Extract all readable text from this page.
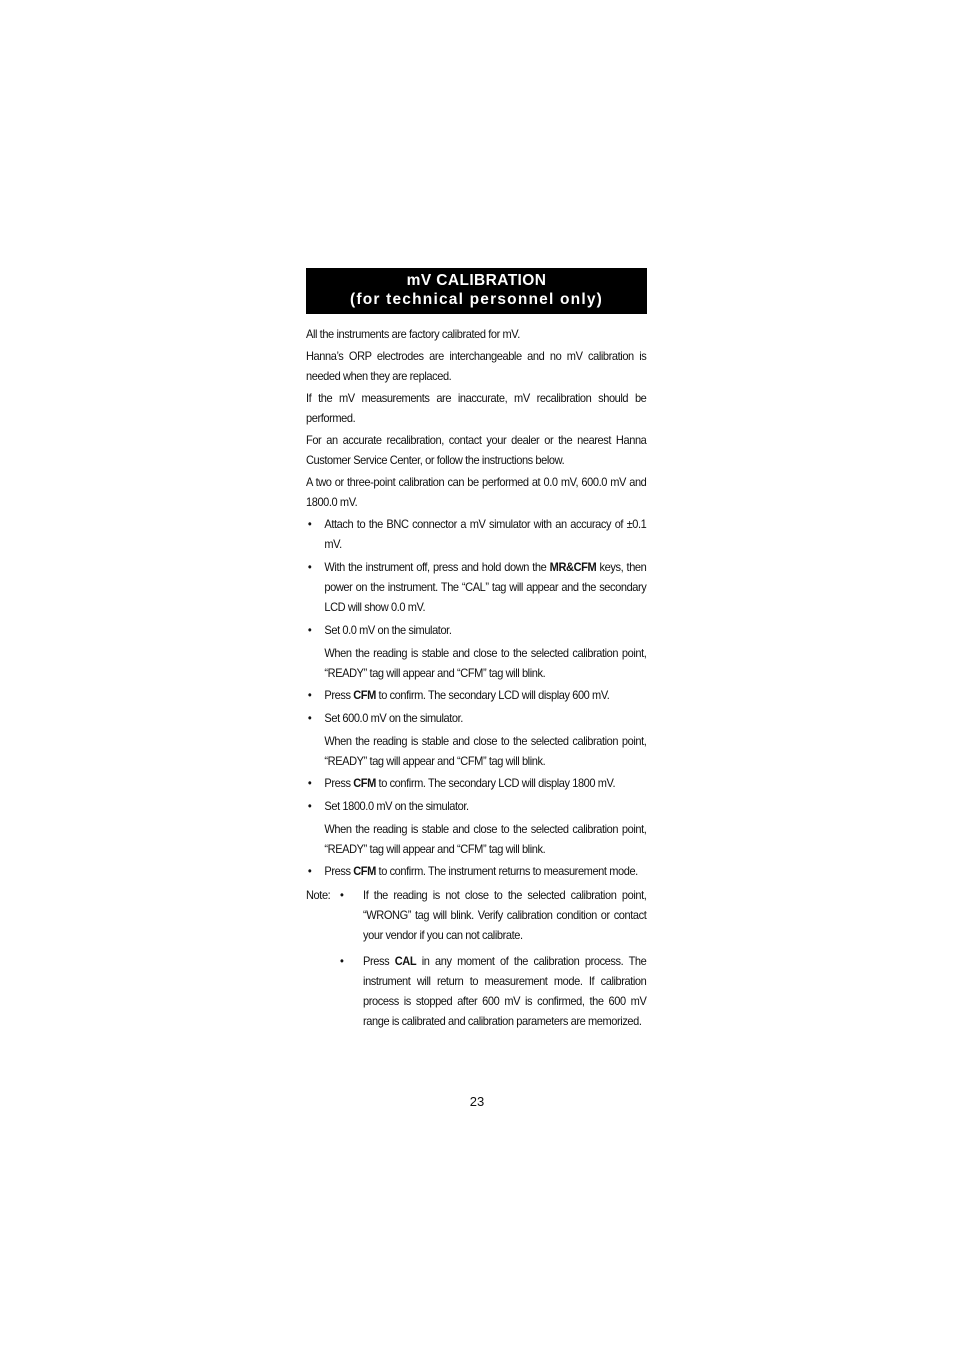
mV CALIBRATION
(for technical personnel only)

All the instruments are factory calibrated for mV.

Hanna’s ORP electrodes are interchangeable and no mV calibration is needed when they are replaced.

If the mV measurements are inaccurate, mV recalibration should be performed.

For an accurate recalibration, contact your dealer or the nearest Hanna Customer Service Center, or follow the instructions below.

A two or three-point calibration can be performed at 0.0 mV, 600.0 mV and 1800.0 mV.

• Attach to the BNC connector a mV simulator with an accuracy of ±0.1 mV.
• With the instrument off, press and hold down the MR&CFM keys, then power on the instrument. The “CAL” tag will appear and the secondary LCD will show 0.0 mV.
• Set 0.0 mV on the simulator.

When the reading is stable and close to the selected calibration point, “READY” tag will appear and “CFM” tag will blink.

• Press CFM to confirm. The secondary LCD will display 600 mV.
• Set 600.0 mV on the simulator.

When the reading is stable and close to the selected calibration point, “READY” tag will appear and “CFM” tag will blink.

• Press CFM to confirm. The secondary LCD will display 1800 mV.
• Set 1800.0 mV on the simulator.

When the reading is stable and close to the selected calibration point, “READY” tag will appear and “CFM” tag will blink.

• Press CFM to confirm. The instrument returns to measurement mode.
Note: • If the reading is not close to the selected calibration point, “WRONG” tag will blink. Verify calibration condition or contact your vendor if you can not calibrate.
• Press CAL in any moment of the calibration process. The instrument will return to measurement mode. If calibration process is stopped after 600 mV is confirmed, the 600 mV range is calibrated and calibration parameters are memorized.
23
